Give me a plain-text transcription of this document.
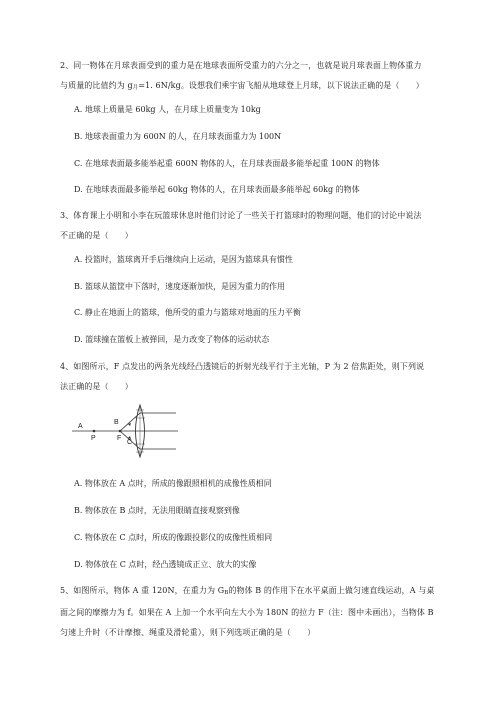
2、同一物体在月球表面受到的重力是在地球表面所受重力的六分之一，也就是说月球表面上物体重力
与质量的比值约为 g月=1. 6N/kg。设想我们乘宇宙飞船从地球登上月球，以下说法正确的是（　　）
A. 地球上质量是 60kg 人，在月球上质量变为 10kg
B. 地球表面重力为 600N 的人，在月球表面重力为 100N
C. 在地球表面最多能举起重 600N 物体的人，在月球表面最多能举起重 100N 的物体
D. 在地球表面最多能举起 60kg 物体的人，在月球表面最多能举起 60kg 的物体
3、体育课上小明和小李在玩篮球休息时他们讨论了一些关于打篮球时的物理问题，他们的讨论中说法
不正确的是（　　）
A. 投篮时，篮球离开手后继续向上运动，是因为篮球具有惯性
B. 篮球从篮筐中下落时，速度逐渐加快，是因为重力的作用
C. 静止在地面上的篮球，他所受的重力与篮球对地面的压力平衡
D. 篮球撞在篮板上被弹回，是力改变了物体的运动状态
4、如图所示，F 点发出的两条光线经凸透镜后的折射光线平行于主光轴，P 为 2 倍焦距处，则下列说
法正确的是（　　）
A
P
B
F
C
A. 物体放在 A 点时，所成的像跟照相机的成像性质相同
B. 物体放在 B 点时，无法用眼睛直接观察到像
C. 物体放在 C 点时，所成的像跟投影仪的成像性质相同
D. 物体放在 C 点时，经凸透镜成正立、放大的实像
5、如图所示，物体 A 重 120N，在重力为 GB的物体 B 的作用下在水平桌面上做匀速直线运动，A 与桌
面之间的摩擦力为 f。如果在 A 上加一个水平向左大小为 180N 的拉力 F（注：图中未画出），当物体 B
匀速上升时（不计摩擦、绳重及滑轮重），则下列选项正确的是（　　）
